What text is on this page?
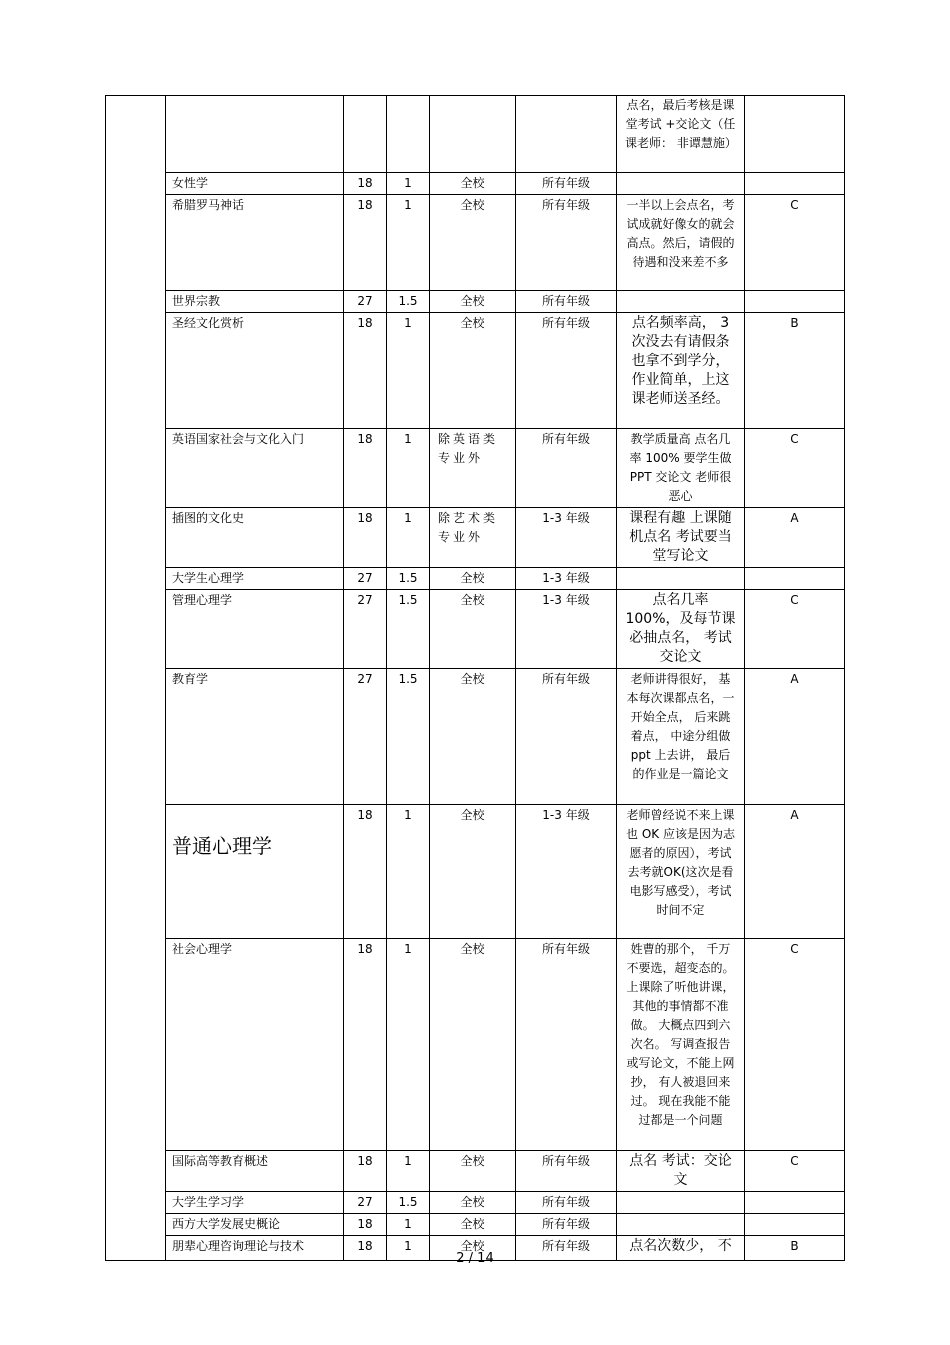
						点名，最后考核是课堂考试 +交论文（任课老师： 非谭慧施）	
	女性学	18	1	全校	所有年级		
	希腊罗马神话	18	1	全校	所有年级	一半以上会点名，考试成就好像女的就会高点。然后，请假的待遇和没来差不多	C
	世界宗教	27	1.5	全校	所有年级		
	圣经文化赏析	18	1	全校	所有年级	点名频率高， 3次没去有请假条也拿不到学分，作业简单，上这课老师送圣经。	B
	英语国家社会与文化入门	18	1	除英语类专业外	所有年级	教学质量高 点名几率 100% 要学生做 PPT 交论文 老师很恶心	C
	插图的文化史	18	1	除艺术类专业外	1-3 年级	课程有趣 上课随机点名 考试要当堂写论文	A
	大学生心理学	27	1.5	全校	1-3 年级		
	管理心理学	27	1.5	全校	1-3 年级	点名几率 100%，及每节课必抽点名， 考试交论文	C
	教育学	27	1.5	全校	所有年级	老师讲得很好， 基本每次课都点名，一开始全点， 后来跳着点， 中途分组做 ppt 上去讲， 最后的作业是一篇论文	A
	普通心理学	18	1	全校	1-3 年级	老师曾经说不来上课也 OK 应该是因为志愿者的原因），考试去考就OK(这次是看电影写感受），考试时间不定	A
	社会心理学	18	1	全校	所有年级	姓曹的那个， 千万不要选，超变态的。上课除了听他讲课， 其他的事情都不准做。 大概点四到六次名。 写调查报告或写论文，不能上网抄， 有人被退回来过。 现在我能不能过都是一个问题	C
	国际高等教育概述	18	1	全校	所有年级	点名 考试：交论文	C
	大学生学习学	27	1.5	全校	所有年级		
	西方大学发展史概论	18	1	全校	所有年级		
	朋辈心理咨询理论与技术	18	1	全校	所有年级	点名次数少， 不	B
2 / 14
